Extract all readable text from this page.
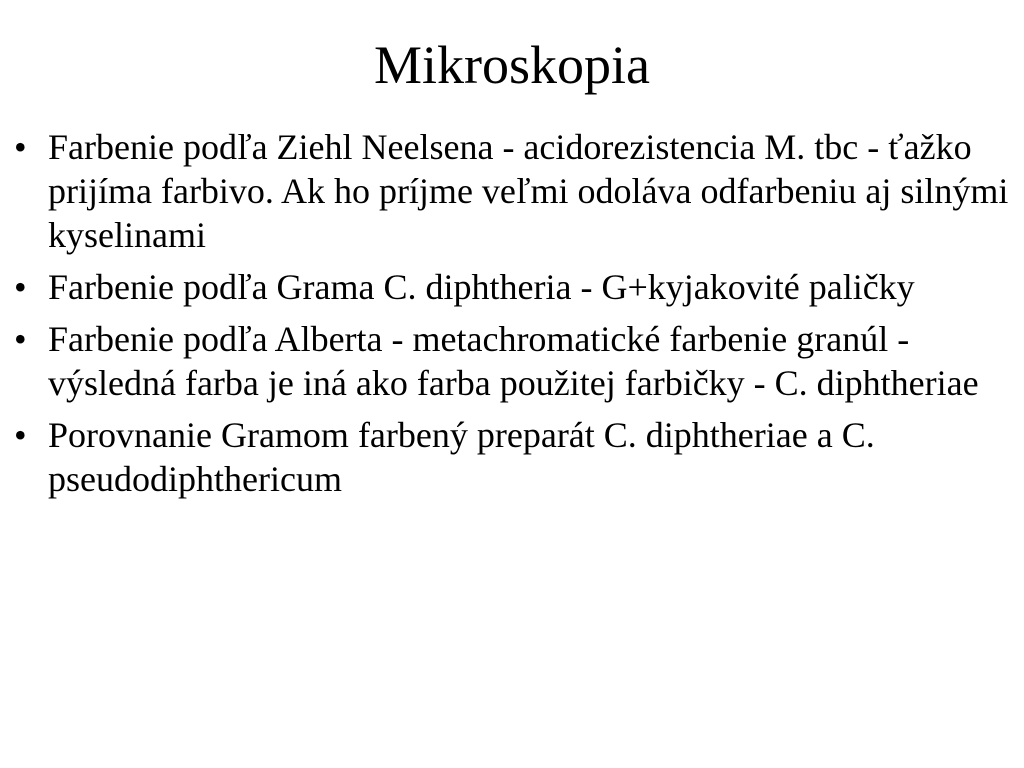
Mikroskopia
• Farbenie podľa Ziehl Neelsena - acidorezistencia M. tbc - ťažko prijíma farbivo. Ak ho príjme veľmi odoláva odfarbeniu aj silnými kyselinami
• Farbenie podľa Grama C. diphtheria - G+kyjakovité paličky
• Farbenie podľa Alberta - metachromatické farbenie granúl - výsledná farba je iná ako farba použitej farbičky - C. diphtheriae
• Porovnanie Gramom farbený preparát C. diphtheriae a C. pseudodiphthericum
